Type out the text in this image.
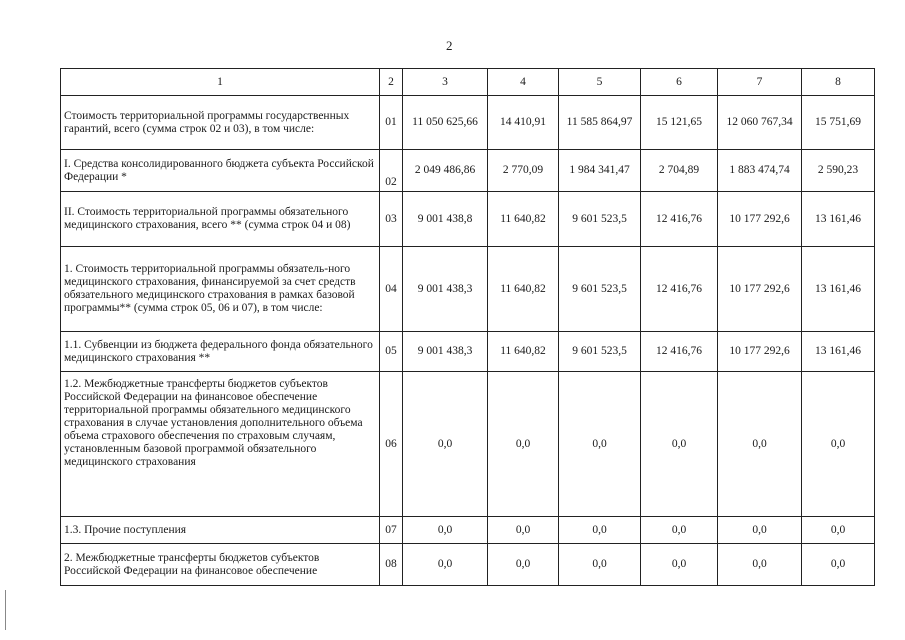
2
1	2	3	4	5	6	7	8
Стоимость территориальной программы государственных гарантий, всего (сумма строк 02 и 03), в том числе:	01	11 050 625,66	14 410,91	11 585 864,97	15 121,65	12 060 767,34	15 751,69
I. Средства консолидированного бюджета субъекта Российской Федерации *	02	2 049 486,86	2 770,09	1 984 341,47	2 704,89	1 883 474,74	2 590,23
II. Стоимость территориальной программы обязательного медицинского страхования, всего ** (сумма строк 04 и 08)	03	9 001 438,8	11 640,82	9 601 523,5	12 416,76	10 177 292,6	13 161,46
1. Стоимость территориальной программы обязатель-ного медицинского страхования, финансируемой за счет средств обязательного медицинского страхования в рамках базовой программы** (сумма строк 05, 06 и 07), в том числе:	04	9 001 438,3	11 640,82	9 601 523,5	12 416,76	10 177 292,6	13 161,46
1.1. Субвенции из бюджета федерального фонда обязательного медицинского страхования **	05	9 001 438,3	11 640,82	9 601 523,5	12 416,76	10 177 292,6	13 161,46
1.2. Межбюджетные трансферты бюджетов субъектов Российской Федерации на финансовое обеспечение территориальной программы обязательного медицинского страхования в случае установления дополнительного объема объема страхового обеспечения по страховым случаям, установленным базовой программой обязательного медицинского страхования	06	0,0	0,0	0,0	0,0	0,0	0,0
1.3. Прочие поступления	07	0,0	0,0	0,0	0,0	0,0	0,0
2. Межбюджетные трансферты бюджетов субъектов Российской Федерации на финансовое обеспечение	08	0,0	0,0	0,0	0,0	0,0	0,0
